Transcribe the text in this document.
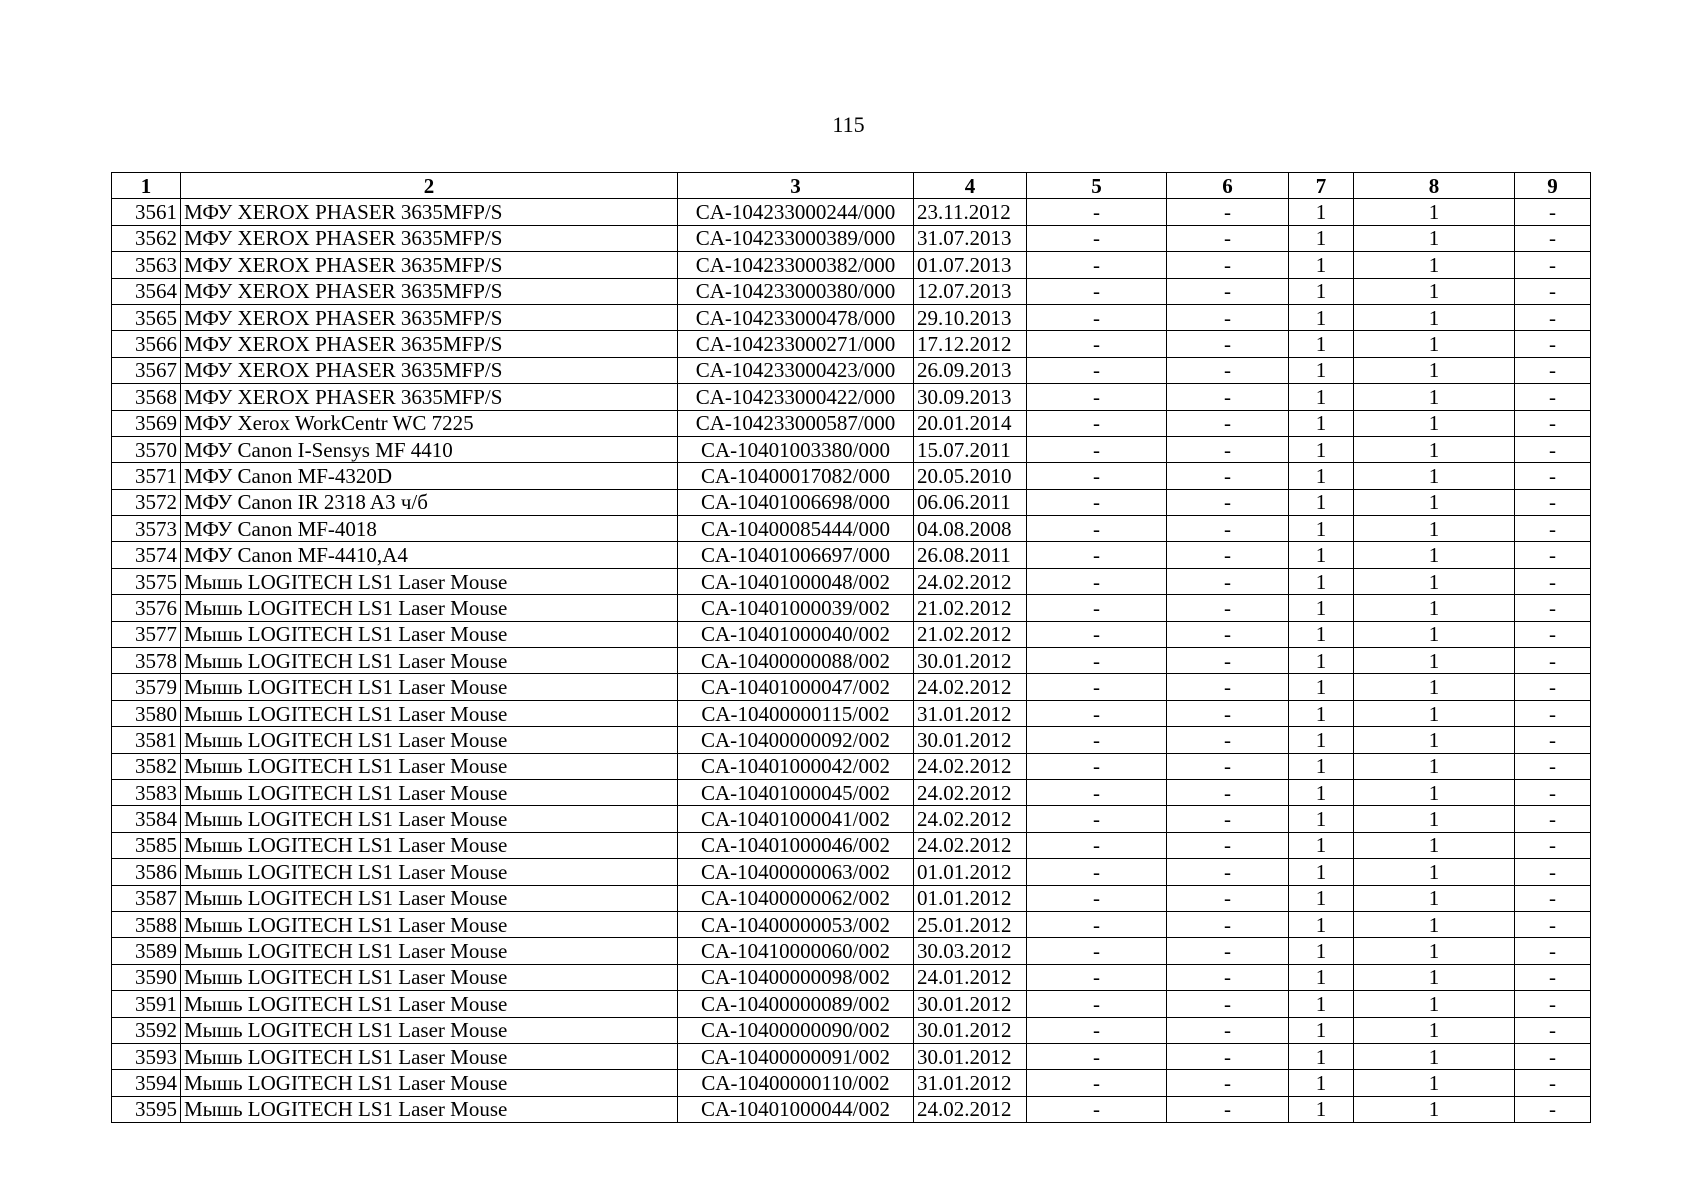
115
1	2	3	4	5	6	7	8	9
3561	МФУ XEROX PHASER 3635MFP/S	CA-104233000244/000	23.11.2012	-	-	1	1	-
3562	МФУ XEROX PHASER 3635MFP/S	CA-104233000389/000	31.07.2013	-	-	1	1	-
3563	МФУ XEROX PHASER 3635MFP/S	CA-104233000382/000	01.07.2013	-	-	1	1	-
3564	МФУ XEROX PHASER 3635MFP/S	CA-104233000380/000	12.07.2013	-	-	1	1	-
3565	МФУ XEROX PHASER 3635MFP/S	CA-104233000478/000	29.10.2013	-	-	1	1	-
3566	МФУ XEROX PHASER 3635MFP/S	CA-104233000271/000	17.12.2012	-	-	1	1	-
3567	МФУ XEROX PHASER 3635MFP/S	CA-104233000423/000	26.09.2013	-	-	1	1	-
3568	МФУ XEROX PHASER 3635MFP/S	CA-104233000422/000	30.09.2013	-	-	1	1	-
3569	МФУ Xerox WorkCentr WC 7225	CA-104233000587/000	20.01.2014	-	-	1	1	-
3570	МФУ Canon I-Sensys MF 4410	CA-10401003380/000	15.07.2011	-	-	1	1	-
3571	МФУ Canon MF-4320D	CA-10400017082/000	20.05.2010	-	-	1	1	-
3572	МФУ Canon IR 2318 A3 ч/б	CA-10401006698/000	06.06.2011	-	-	1	1	-
3573	МФУ Canon MF-4018	CA-10400085444/000	04.08.2008	-	-	1	1	-
3574	МФУ Canon MF-4410,A4	CA-10401006697/000	26.08.2011	-	-	1	1	-
3575	Мышь LOGITECH LS1 Laser Mouse	CA-10401000048/002	24.02.2012	-	-	1	1	-
3576	Мышь LOGITECH LS1 Laser Mouse	CA-10401000039/002	21.02.2012	-	-	1	1	-
3577	Мышь LOGITECH LS1 Laser Mouse	CA-10401000040/002	21.02.2012	-	-	1	1	-
3578	Мышь LOGITECH LS1 Laser Mouse	CA-10400000088/002	30.01.2012	-	-	1	1	-
3579	Мышь LOGITECH LS1 Laser Mouse	CA-10401000047/002	24.02.2012	-	-	1	1	-
3580	Мышь LOGITECH LS1 Laser Mouse	CA-10400000115/002	31.01.2012	-	-	1	1	-
3581	Мышь LOGITECH LS1 Laser Mouse	CA-10400000092/002	30.01.2012	-	-	1	1	-
3582	Мышь LOGITECH LS1 Laser Mouse	CA-10401000042/002	24.02.2012	-	-	1	1	-
3583	Мышь LOGITECH LS1 Laser Mouse	CA-10401000045/002	24.02.2012	-	-	1	1	-
3584	Мышь LOGITECH LS1 Laser Mouse	CA-10401000041/002	24.02.2012	-	-	1	1	-
3585	Мышь LOGITECH LS1 Laser Mouse	CA-10401000046/002	24.02.2012	-	-	1	1	-
3586	Мышь LOGITECH LS1 Laser Mouse	CA-10400000063/002	01.01.2012	-	-	1	1	-
3587	Мышь LOGITECH LS1 Laser Mouse	CA-10400000062/002	01.01.2012	-	-	1	1	-
3588	Мышь LOGITECH LS1 Laser Mouse	CA-10400000053/002	25.01.2012	-	-	1	1	-
3589	Мышь LOGITECH LS1 Laser Mouse	CA-10410000060/002	30.03.2012	-	-	1	1	-
3590	Мышь LOGITECH LS1 Laser Mouse	CA-10400000098/002	24.01.2012	-	-	1	1	-
3591	Мышь LOGITECH LS1 Laser Mouse	CA-10400000089/002	30.01.2012	-	-	1	1	-
3592	Мышь LOGITECH LS1 Laser Mouse	CA-10400000090/002	30.01.2012	-	-	1	1	-
3593	Мышь LOGITECH LS1 Laser Mouse	CA-10400000091/002	30.01.2012	-	-	1	1	-
3594	Мышь LOGITECH LS1 Laser Mouse	CA-10400000110/002	31.01.2012	-	-	1	1	-
3595	Мышь LOGITECH LS1 Laser Mouse	CA-10401000044/002	24.02.2012	-	-	1	1	-
